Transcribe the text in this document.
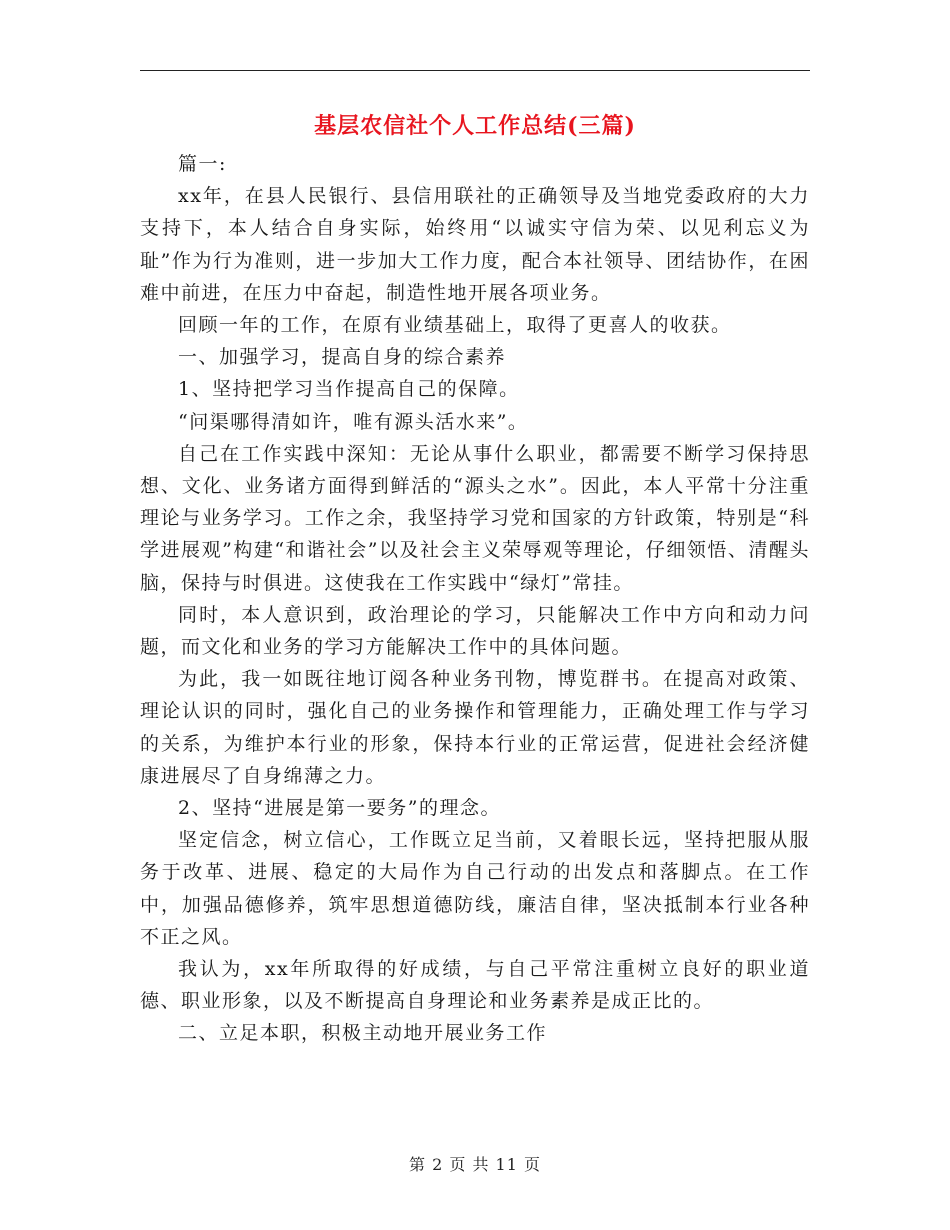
基层农信社个人工作总结(三篇)

篇一:

xx年，在县人民银行、县信用联社的正确领导及当地党委政府的大力支持下，本人结合自身实际，始终用“以诚实守信为荣、以见利忘义为耻”作为行为准则，进一步加大工作力度，配合本社领导、团结协作，在困难中前进，在压力中奋起，制造性地开展各项业务。

回顾一年的工作，在原有业绩基础上，取得了更喜人的收获。

一、加强学习，提高自身的综合素养

1、坚持把学习当作提高自己的保障。

“问渠哪得清如许，唯有源头活水来”。

自己在工作实践中深知：无论从事什么职业，都需要不断学习保持思想、文化、业务诸方面得到鲜活的“源头之水”。因此，本人平常十分注重理论与业务学习。工作之余，我坚持学习党和国家的方针政策，特别是“科学进展观”构建“和谐社会”以及社会主义荣辱观等理论，仔细领悟、清醒头脑，保持与时俱进。这使我在工作实践中“绿灯”常挂。

同时，本人意识到，政治理论的学习，只能解决工作中方向和动力问题，而文化和业务的学习方能解决工作中的具体问题。

为此，我一如既往地订阅各种业务刊物，博览群书。在提高对政策、理论认识的同时，强化自己的业务操作和管理能力，正确处理工作与学习的关系，为维护本行业的形象，保持本行业的正常运营，促进社会经济健康进展尽了自身绵薄之力。

2、坚持“进展是第一要务”的理念。

坚定信念，树立信心，工作既立足当前，又着眼长远，坚持把服从服务于改革、进展、稳定的大局作为自己行动的出发点和落脚点。在工作中，加强品德修养，筑牢思想道德防线，廉洁自律，坚决抵制本行业各种不正之风。

我认为，xx年所取得的好成绩，与自己平常注重树立良好的职业道德、职业形象，以及不断提高自身理论和业务素养是成正比的。

二、立足本职，积极主动地开展业务工作

第 2 页 共 11 页
